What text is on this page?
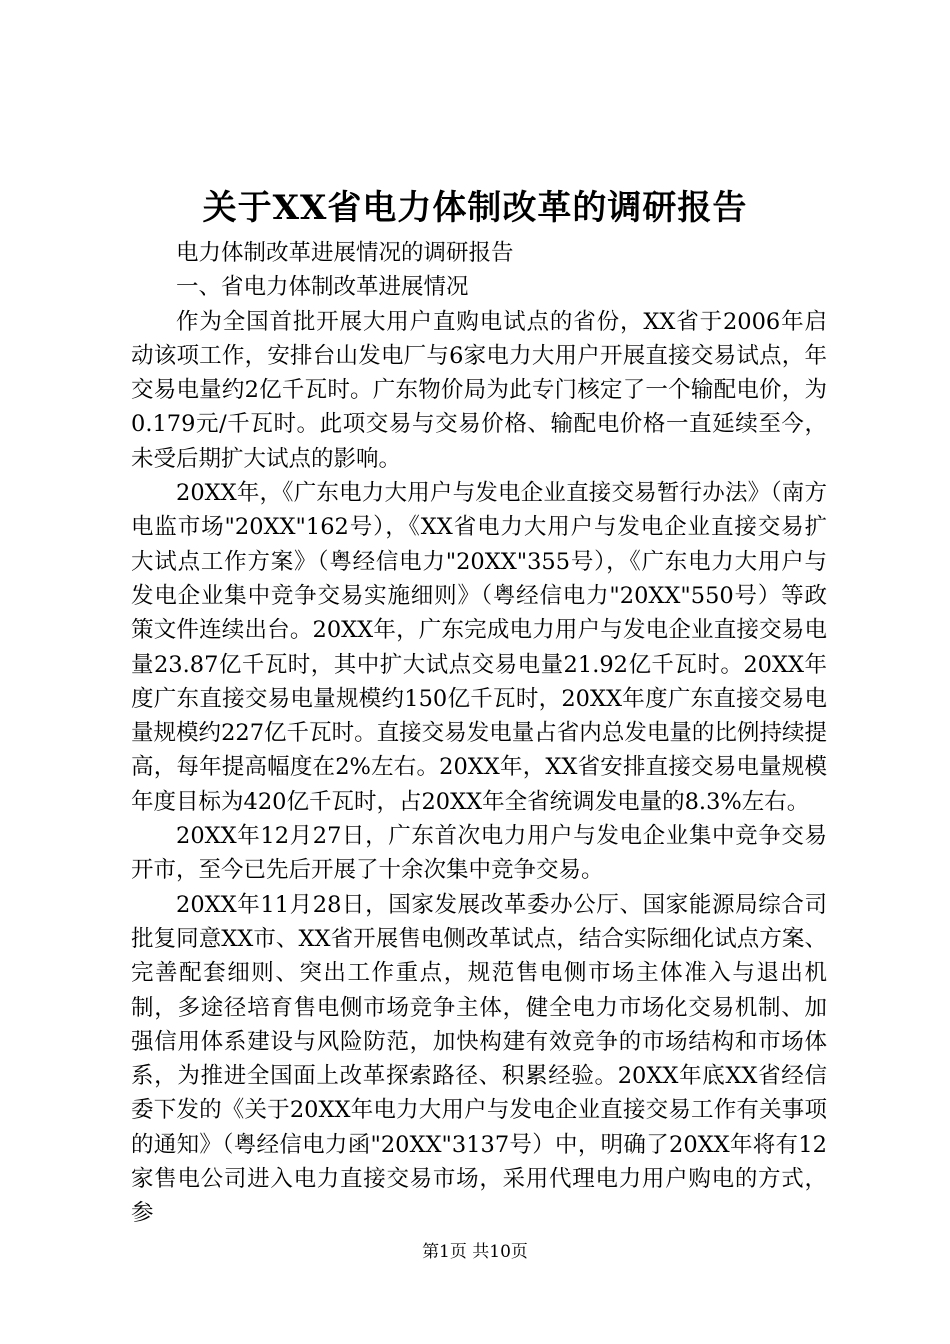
关于XX省电力体制改革的调研报告

电力体制改革进展情况的调研报告

一、省电力体制改革进展情况

作为全国首批开展大用户直购电试点的省份，XX省于2006年启动该项工作，安排台山发电厂与6家电力大用户开展直接交易试点，年交易电量约2亿千瓦时。广东物价局为此专门核定了一个输配电价，为0.179元/千瓦时。此项交易与交易价格、输配电价格一直延续至今，未受后期扩大试点的影响。

20XX年，《广东电力大用户与发电企业直接交易暂行办法》（南方电监市场"20XX"162号），《XX省电力大用户与发电企业直接交易扩大试点工作方案》（粤经信电力"20XX"355号），《广东电力大用户与发电企业集中竞争交易实施细则》（粤经信电力"20XX"550号）等政策文件连续出台。20XX年，广东完成电力用户与发电企业直接交易电量23.87亿千瓦时，其中扩大试点交易电量21.92亿千瓦时。20XX年度广东直接交易电量规模约150亿千瓦时，20XX年度广东直接交易电量规模约227亿千瓦时。直接交易发电量占省内总发电量的比例持续提高，每年提高幅度在2%左右。20XX年，XX省安排直接交易电量规模年度目标为420亿千瓦时，占20XX年全省统调发电量的8.3%左右。

20XX年12月27日，广东首次电力用户与发电企业集中竞争交易开市，至今已先后开展了十余次集中竞争交易。

20XX年11月28日，国家发展改革委办公厅、国家能源局综合司批复同意XX市、XX省开展售电侧改革试点，结合实际细化试点方案、完善配套细则、突出工作重点，规范售电侧市场主体准入与退出机制，多途径培育售电侧市场竞争主体，健全电力市场化交易机制、加强信用体系建设与风险防范，加快构建有效竞争的市场结构和市场体系，为推进全国面上改革探索路径、积累经验。20XX年底XX省经信委下发的《关于20XX年电力大用户与发电企业直接交易工作有关事项的通知》（粤经信电力函"20XX"3137号）中，明确了20XX年将有12家售电公司进入电力直接交易市场，采用代理电力用户购电的方式，参

第1页 共10页
